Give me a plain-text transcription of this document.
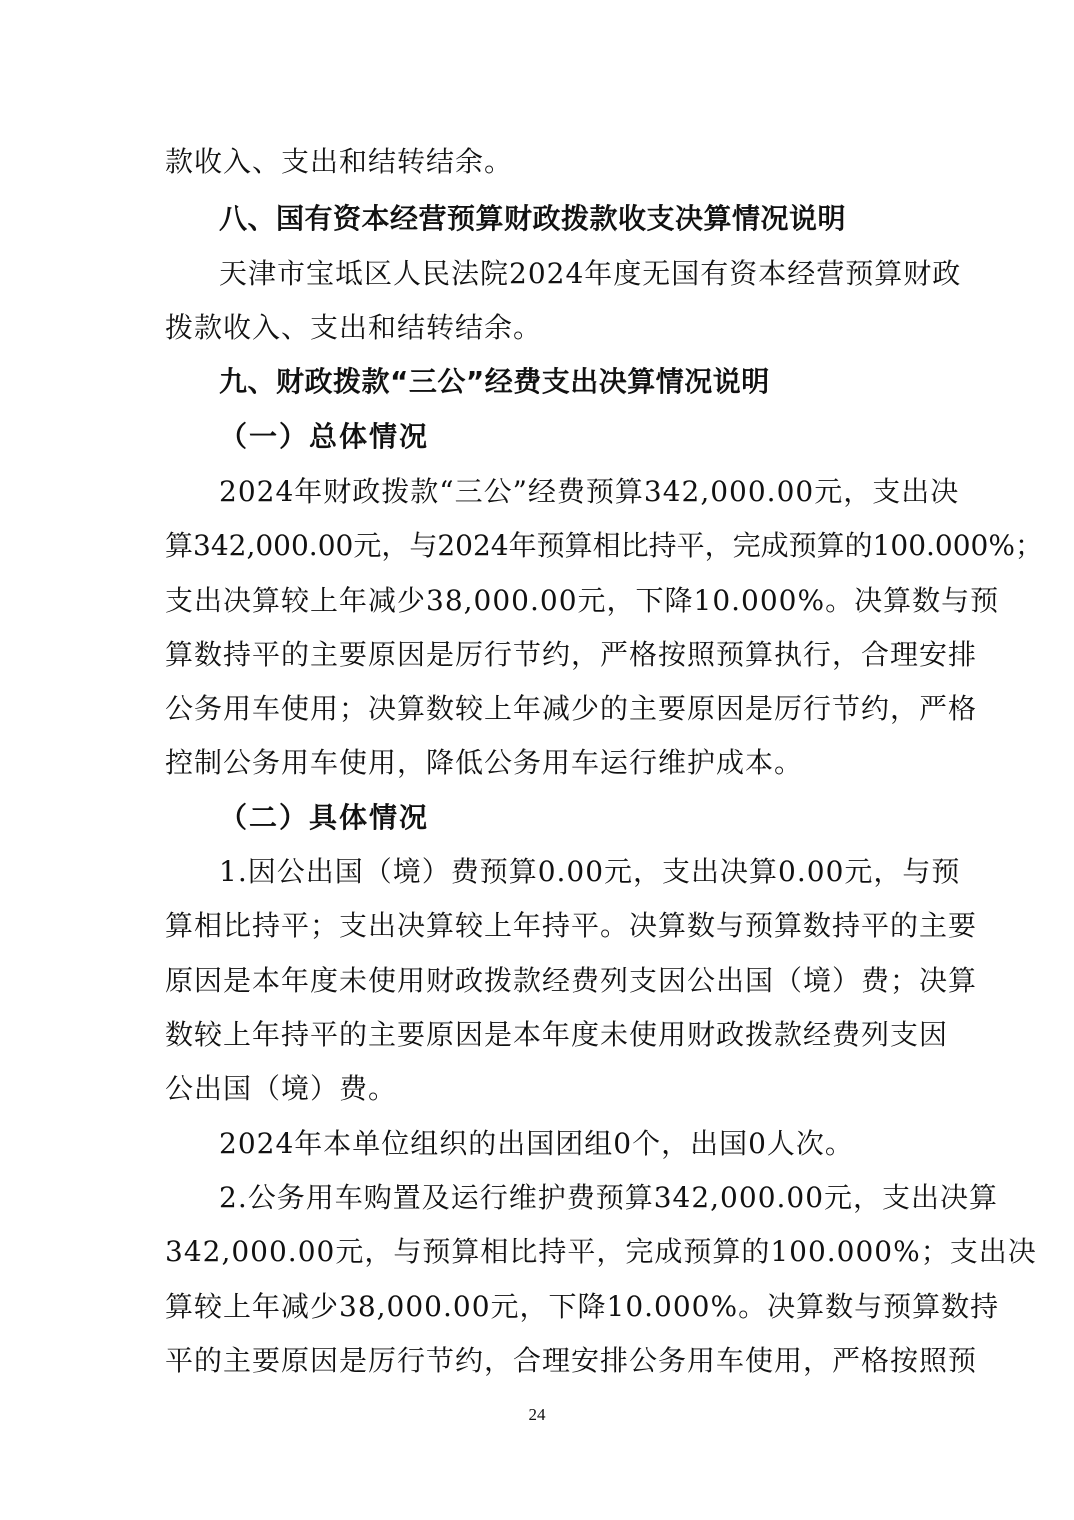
款收入、支出和结转结余。
八、国有资本经营预算财政拨款收支决算情况说明
天津市宝坻区人民法院2024年度无国有资本经营预算财政
拨款收入、支出和结转结余。
九、财政拨款“三公”经费支出决算情况说明
（一）总体情况
2024年财政拨款“三公”经费预算342,000.00元，支出决
算342,000.00元，与2024年预算相比持平，完成预算的100.000%；
支出决算较上年减少38,000.00元，下降10.000%。决算数与预
算数持平的主要原因是厉行节约，严格按照预算执行，合理安排
公务用车使用；决算数较上年减少的主要原因是厉行节约，严格
控制公务用车使用，降低公务用车运行维护成本。
（二）具体情况
1.因公出国（境）费预算0.00元，支出决算0.00元，与预
算相比持平；支出决算较上年持平。决算数与预算数持平的主要
原因是本年度未使用财政拨款经费列支因公出国（境）费；决算
数较上年持平的主要原因是本年度未使用财政拨款经费列支因
公出国（境）费。
2024年本单位组织的出国团组0个，出国0人次。
2.公务用车购置及运行维护费预算342,000.00元，支出决算
342,000.00元，与预算相比持平，完成预算的100.000%；支出决
算较上年减少38,000.00元，下降10.000%。决算数与预算数持
平的主要原因是厉行节约，合理安排公务用车使用，严格按照预
24
